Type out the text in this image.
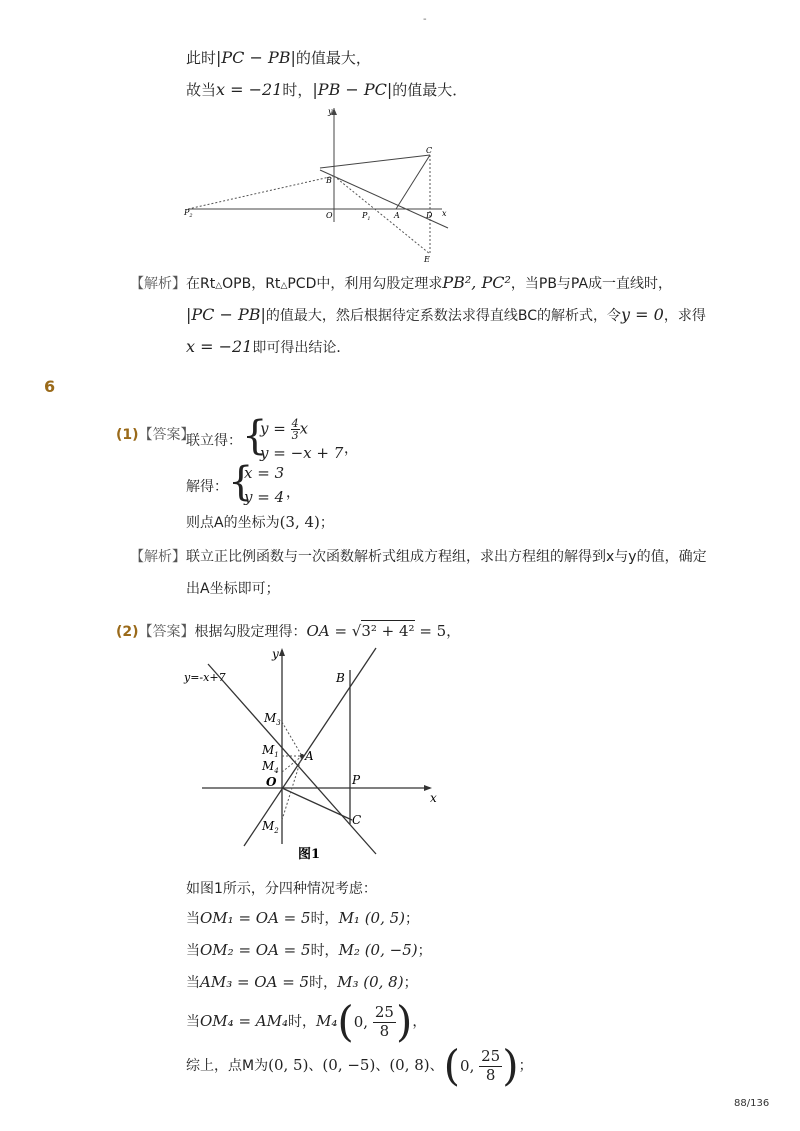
-
此时|PC − PB|的值最大，
故当x = −21时，|PB − PC|的值最大．
y
x
B
C
O	$P_1$	A	D
E
$P_2$
【解析】在Rt△OPB，Rt△PCD中，利用勾股定理求PB², PC²，当PB与PA成一直线时，
|PC − PB|的值最大，然后根据待定系数法求得直线BC的解析式，令y = 0，求得
x = −21即可得出结论．
6
(1)【答案】
联立得： {
$y = \frac{4}{3}$ x
y = −x + 7 ，
解得： {
x = 3
y = 4 ，
则点A的坐标为(3, 4)；
【解析】联立正比例函数与一次函数解析式组成方程组，求出方程组的解得到x与y的值，确定
出A坐标即可；
(2)【答案】根据勾股定理得：OA = √3² + 4² = 5，
y
x
y=-x+7	B
$M_3$
$M_1$
$M_4$
A
O	P
C
$M_2$
图1
如图1所示，分四种情况考虑：
当OM₁ = OA = 5时，M₁ (0, 5)；
当OM₂ = OA = 5时，M₂ (0, −5)；
当AM₃ = OA = 5时，M₃ (0, 8)；
当OM₄ = AM₄时，M₄(0, $\frac{25}{8}$ )，
综上，点M为(0, 5)、(0, −5)、(0, 8)、(0, $\frac{25}{8}$ )；
88/136
